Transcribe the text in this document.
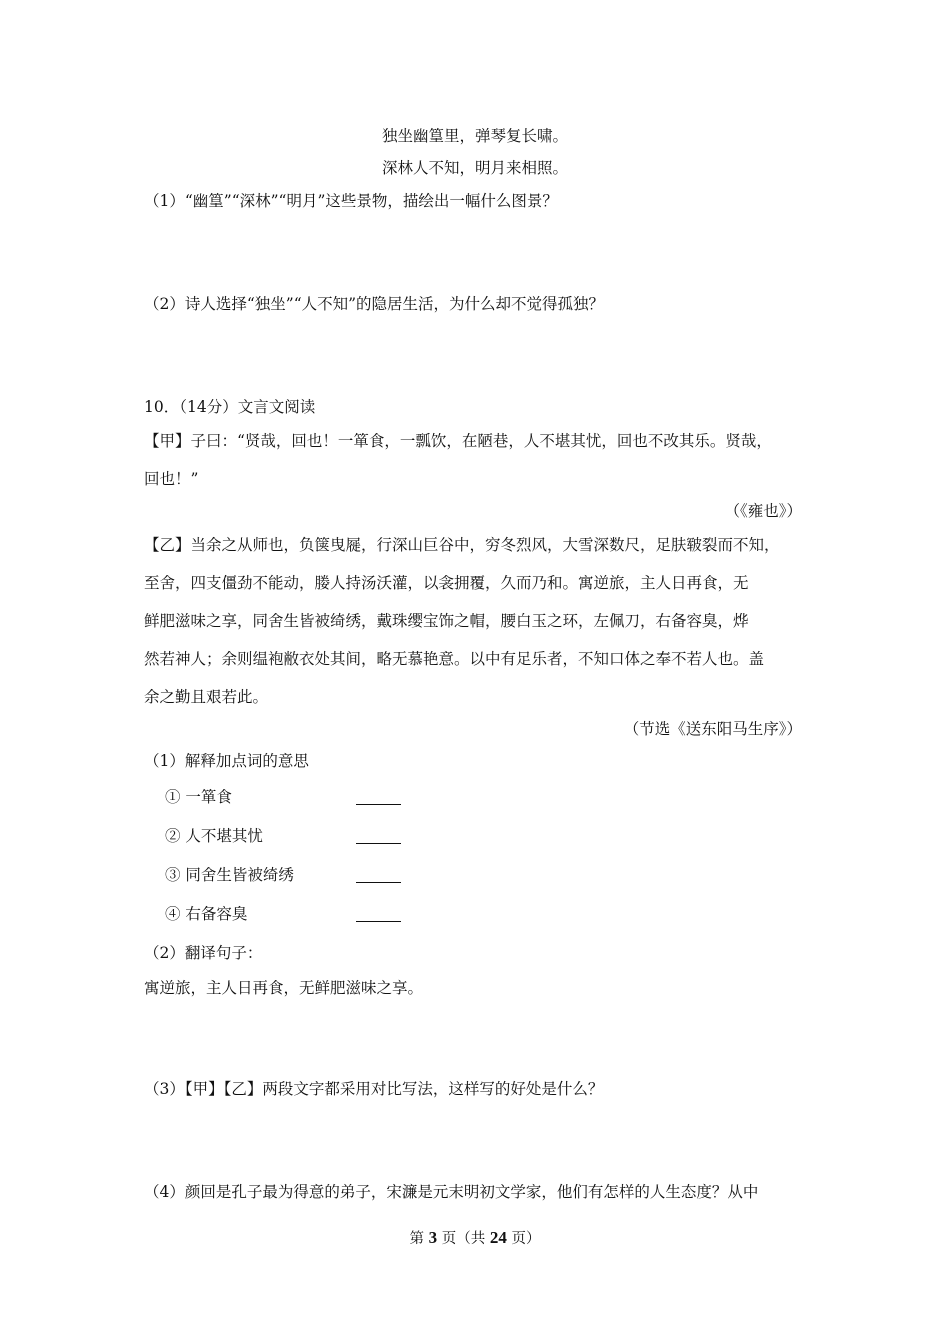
独坐幽篁里，弹琴复长啸。
深林人不知，明月来相照。
（1）“幽篁”“深林”“明月”这些景物，描绘出一幅什么图景？
（2）诗人选择“独坐”“人不知”的隐居生活，为什么却不觉得孤独？
10．（14分）文言文阅读
【甲】子曰：“贤哉，回也！一箪食，一瓢饮，在陋巷，人不堪其忧，回也不改其乐。贤哉，
回也！”
（《雍也》）
【乙】当余之从师也，负箧曳屣，行深山巨谷中，穷冬烈风，大雪深数尺，足肤皲裂而不知，
至舍，四支僵劲不能动，媵人持汤沃灌，以衾拥覆，久而乃和。寓逆旅，主人日再食，无
鲜肥滋味之享，同舍生皆被绮绣，戴珠缨宝饰之帽，腰白玉之环，左佩刀，右备容臭，烨
然若神人；余则缊袍敝衣处其间，略无慕艳意。以中有足乐者，不知口体之奉不若人也。盖
余之勤且艰若此。
（节选《送东阳马生序》）
（1）解释加点词的意思
① 一箪食
② 人不堪其忧
③ 同舍生皆被绮绣
④ 右备容臭
（2）翻译句子：
寓逆旅，主人日再食，无鲜肥滋味之享。
（3）【甲】【乙】两段文字都采用对比写法，这样写的好处是什么？
（4）颜回是孔子最为得意的弟子，宋濂是元末明初文学家，他们有怎样的人生态度？从中
第 3 页（共 24 页）
